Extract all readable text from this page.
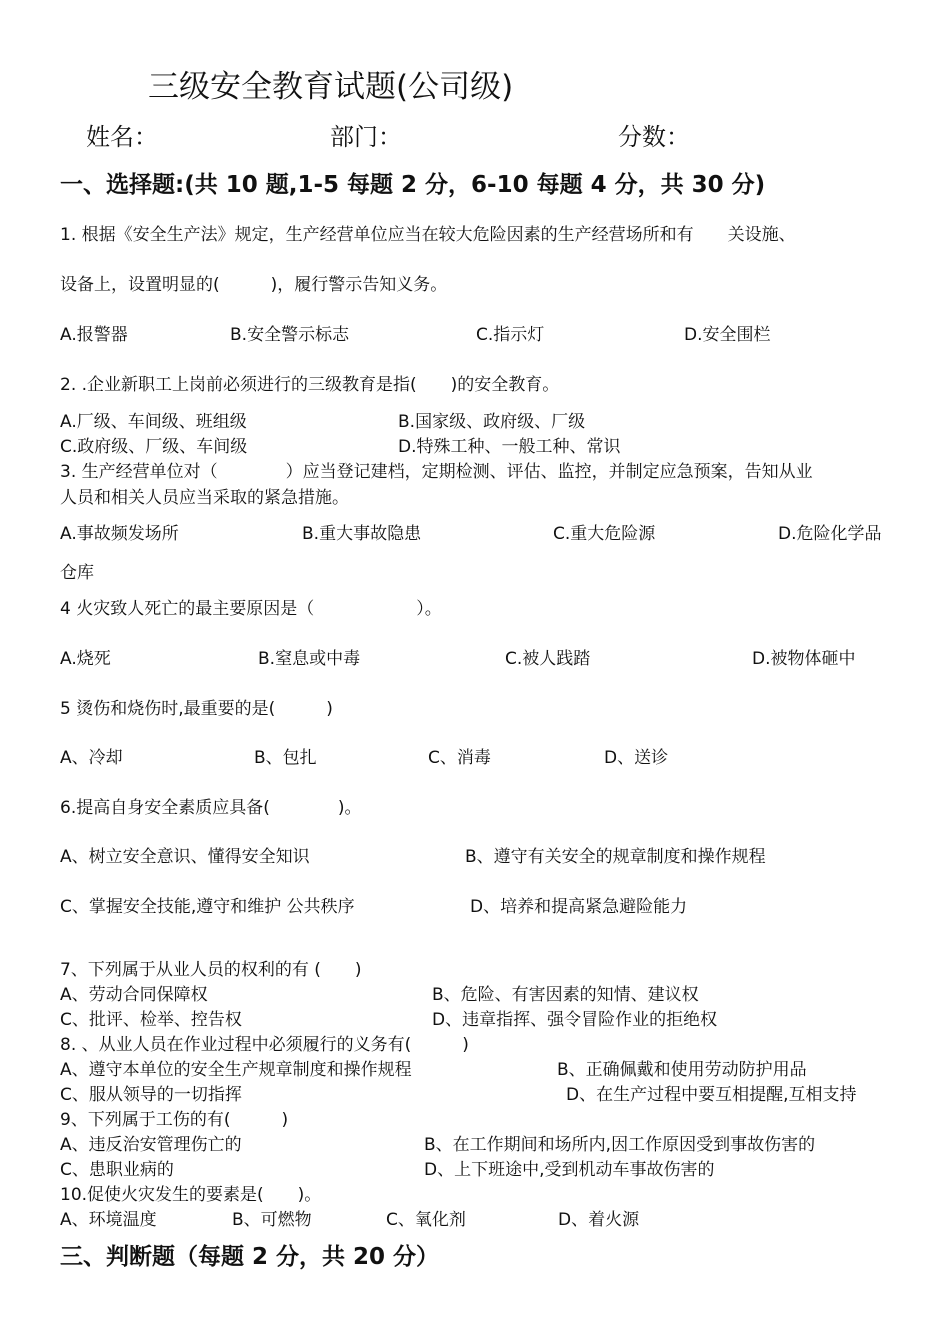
三级安全教育试题(公司级)
姓名：	部门：	分数：
一、选择题:(共 10 题,1-5 每题 2 分，6-10 每题 4 分，共 30 分)
1. 根据《安全生产法》规定，生产经营单位应当在较大危险因素的生产经营场所和有　　关设施、
设备上，设置明显的(　　　)，履行警示告知义务。
A.报警器	B.安全警示标志	C.指示灯	D.安全围栏
2. .企业新职工上岗前必须进行的三级教育是指(　　)的安全教育。
A.厂级、车间级、班组级	B.国家级、政府级、厂级
C.政府级、厂级、车间级	D.特殊工种、一般工种、常识
3. 生产经营单位对（　　　　）应当登记建档，定期检测、评估、监控，并制定应急预案，告知从业
人员和相关人员应当采取的紧急措施。
A.事故频发场所	B.重大事故隐患	C.重大危险源	D.危险化学品
仓库
4 火灾致人死亡的最主要原因是（　　　　　　）。
A.烧死	B.窒息或中毒	C.被人践踏	D.被物体砸中
5 烫伤和烧伤时,最重要的是(　　　)
A、冷却	B、包扎	C、消毒	D、送诊
6.提高自身安全素质应具备(　　　　)。
A、树立安全意识、懂得安全知识	B、遵守有关安全的规章制度和操作规程
C、掌握安全技能,遵守和维护 公共秩序	D、培养和提高紧急避险能力
7、下列属于从业人员的权利的有 (　　)
A、劳动合同保障权	B、危险、有害因素的知情、建议权
C、批评、检举、控告权	D、违章指挥、强令冒险作业的拒绝权
8. 、从业人员在作业过程中必须履行的义务有(　　　)
A、遵守本单位的安全生产规章制度和操作规程	B、正确佩戴和使用劳动防护用品
C、服从领导的一切指挥	D、在生产过程中要互相提醒,互相支持
9、下列属于工伤的有(　　　)
A、违反治安管理伤亡的	B、在工作期间和场所内,因工作原因受到事故伤害的
C、患职业病的	D、上下班途中,受到机动车事故伤害的
10.促使火灾发生的要素是(　　)。
A、环境温度	B、可燃物	C、氧化剂	D、着火源
三、判断题（每题 2 分，共 20 分）
